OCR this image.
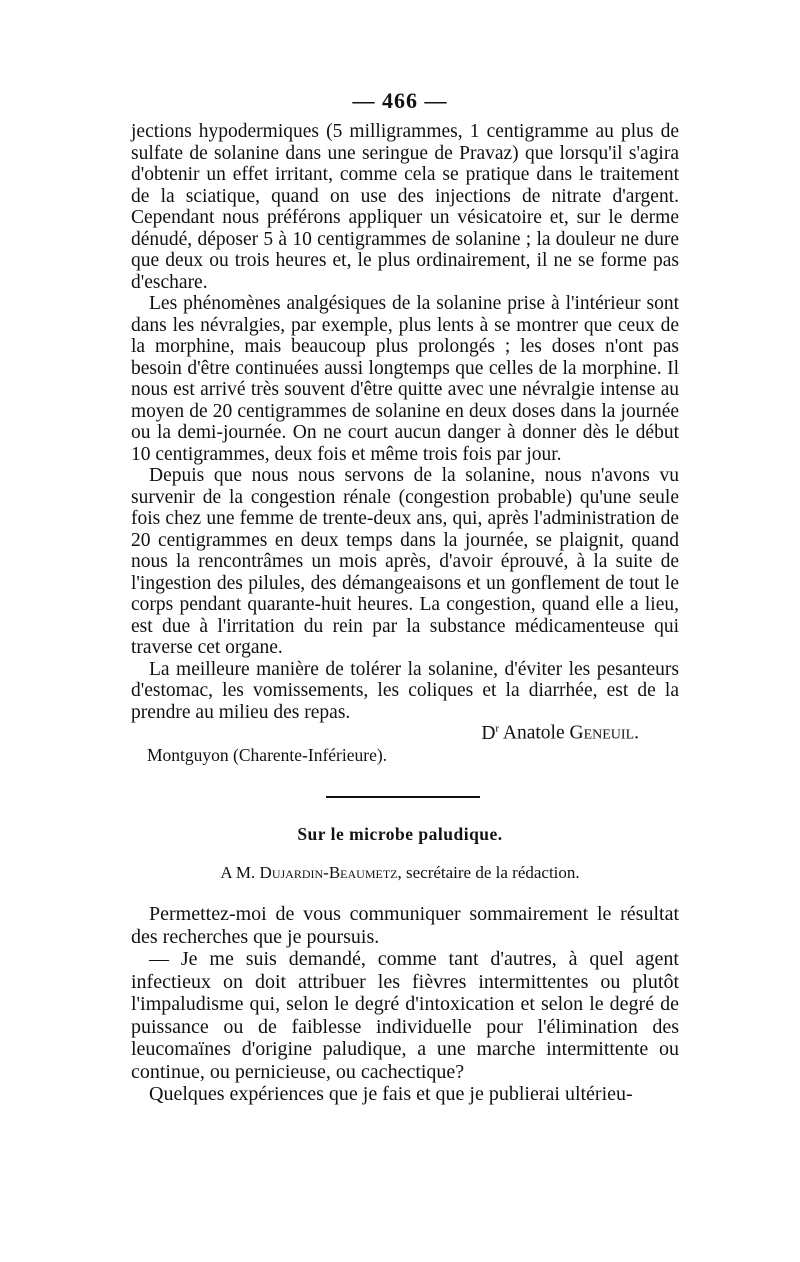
— 466 —

jections hypodermiques (5 milligrammes, 1 centigramme au plus de sulfate de solanine dans une seringue de Pravaz) que lorsqu'il s'agira d'obtenir un effet irritant, comme cela se pratique dans le traitement de la sciatique, quand on use des injections de nitrate d'argent. Cependant nous préférons appliquer un vésicatoire et, sur le derme dénudé, déposer 5 à 10 centigrammes de solanine ; la douleur ne dure que deux ou trois heures et, le plus ordinairement, il ne se forme pas d'eschare.

Les phénomènes analgésiques de la solanine prise à l'intérieur sont dans les névralgies, par exemple, plus lents à se montrer que ceux de la morphine, mais beaucoup plus prolongés ; les doses n'ont pas besoin d'être continuées aussi longtemps que celles de la morphine. Il nous est arrivé très souvent d'être quitte avec une névralgie intense au moyen de 20 centigrammes de solanine en deux doses dans la journée ou la demi-journée. On ne court aucun danger à donner dès le début 10 centigrammes, deux fois et même trois fois par jour.

Depuis que nous nous servons de la solanine, nous n'avons vu survenir de la congestion rénale (congestion probable) qu'une seule fois chez une femme de trente-deux ans, qui, après l'administration de 20 centigrammes en deux temps dans la journée, se plaignit, quand nous la rencontrâmes un mois après, d'avoir éprouvé, à la suite de l'ingestion des pilules, des démangeaisons et un gonflement de tout le corps pendant quarante-huit heures. La congestion, quand elle a lieu, est due à l'irritation du rein par la substance médicamenteuse qui traverse cet organe.

La meilleure manière de tolérer la solanine, d'éviter les pesanteurs d'estomac, les vomissements, les coliques et la diarrhée, est de la prendre au milieu des repas.

$D^r$ Anatole Geneuil.
Montguyon (Charente-Inférieure).
Sur le microbe paludique.
A M. Dujardin-Beaumetz, secrétaire de la rédaction.

Permettez-moi de vous communiquer sommairement le résultat des recherches que je poursuis.

— Je me suis demandé, comme tant d'autres, à quel agent infectieux on doit attribuer les fièvres intermittentes ou plutôt l'impaludisme qui, selon le degré d'intoxication et selon le degré de puissance ou de faiblesse individuelle pour l'élimination des leucomaïnes d'origine paludique, a une marche intermittente ou continue, ou pernicieuse, ou cachectique?

Quelques expériences que je fais et que je publierai ultérieu-
